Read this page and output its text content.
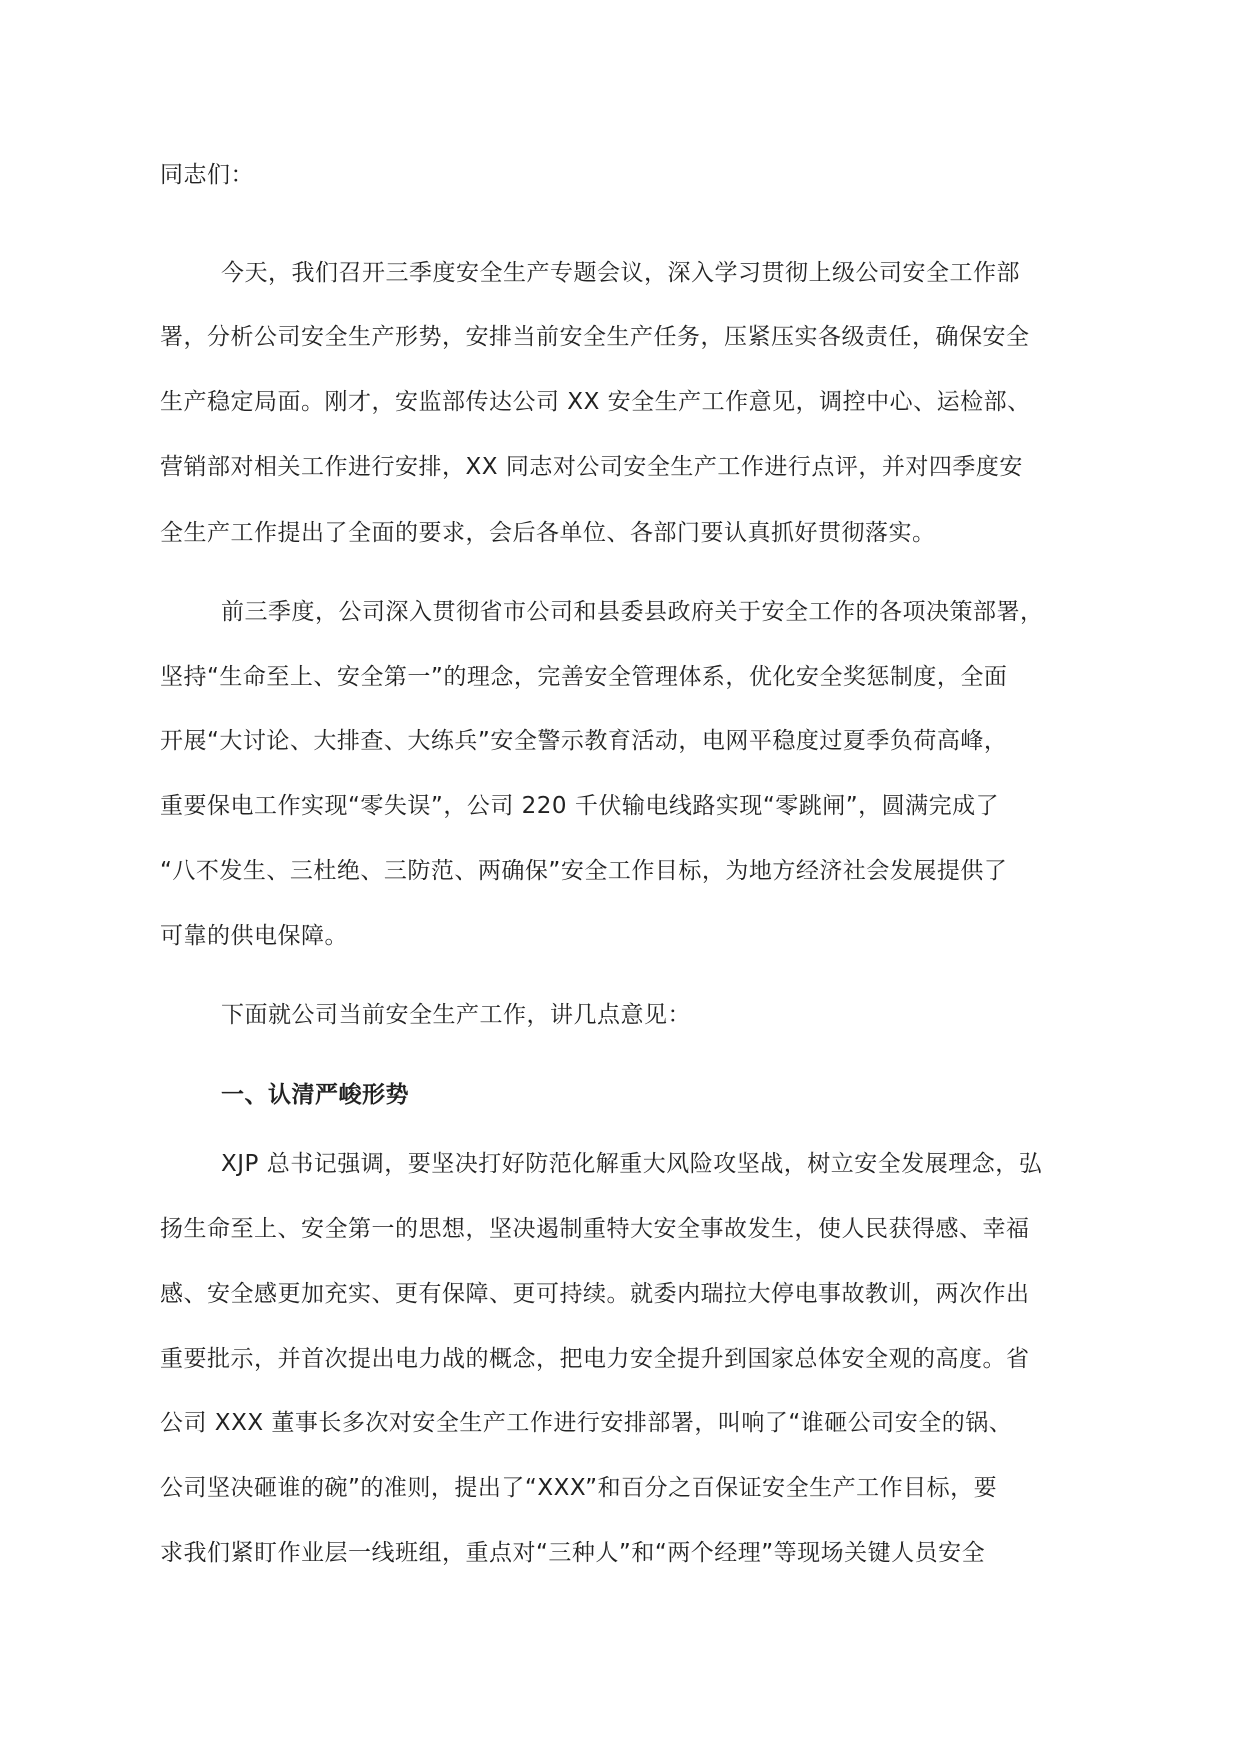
同志们：
今天，我们召开三季度安全生产专题会议，深入学习贯彻上级公司安全工作部
署，分析公司安全生产形势，安排当前安全生产任务，压紧压实各级责任，确保安全
生产稳定局面。刚才，安监部传达公司 XX 安全生产工作意见，调控中心、运检部、
营销部对相关工作进行安排，XX 同志对公司安全生产工作进行点评，并对四季度安
全生产工作提出了全面的要求，会后各单位、各部门要认真抓好贯彻落实。
前三季度，公司深入贯彻省市公司和县委县政府关于安全工作的各项决策部署，
坚持“生命至上、安全第一”的理念，完善安全管理体系，优化安全奖惩制度，全面
开展“大讨论、大排查、大练兵”安全警示教育活动，电网平稳度过夏季负荷高峰，
重要保电工作实现“零失误”，公司 220 千伏输电线路实现“零跳闸”，圆满完成了
“八不发生、三杜绝、三防范、两确保”安全工作目标，为地方经济社会发展提供了
可靠的供电保障。
下面就公司当前安全生产工作，讲几点意见：
一、认清严峻形势
XJP 总书记强调，要坚决打好防范化解重大风险攻坚战，树立安全发展理念，弘
扬生命至上、安全第一的思想，坚决遏制重特大安全事故发生，使人民获得感、幸福
感、安全感更加充实、更有保障、更可持续。就委内瑞拉大停电事故教训，两次作出
重要批示，并首次提出电力战的概念，把电力安全提升到国家总体安全观的高度。省
公司 XXX 董事长多次对安全生产工作进行安排部署，叫响了“谁砸公司安全的锅、
公司坚决砸谁的碗”的准则，提出了“XXX”和百分之百保证安全生产工作目标，要
求我们紧盯作业层一线班组，重点对“三种人”和“两个经理”等现场关键人员安全
